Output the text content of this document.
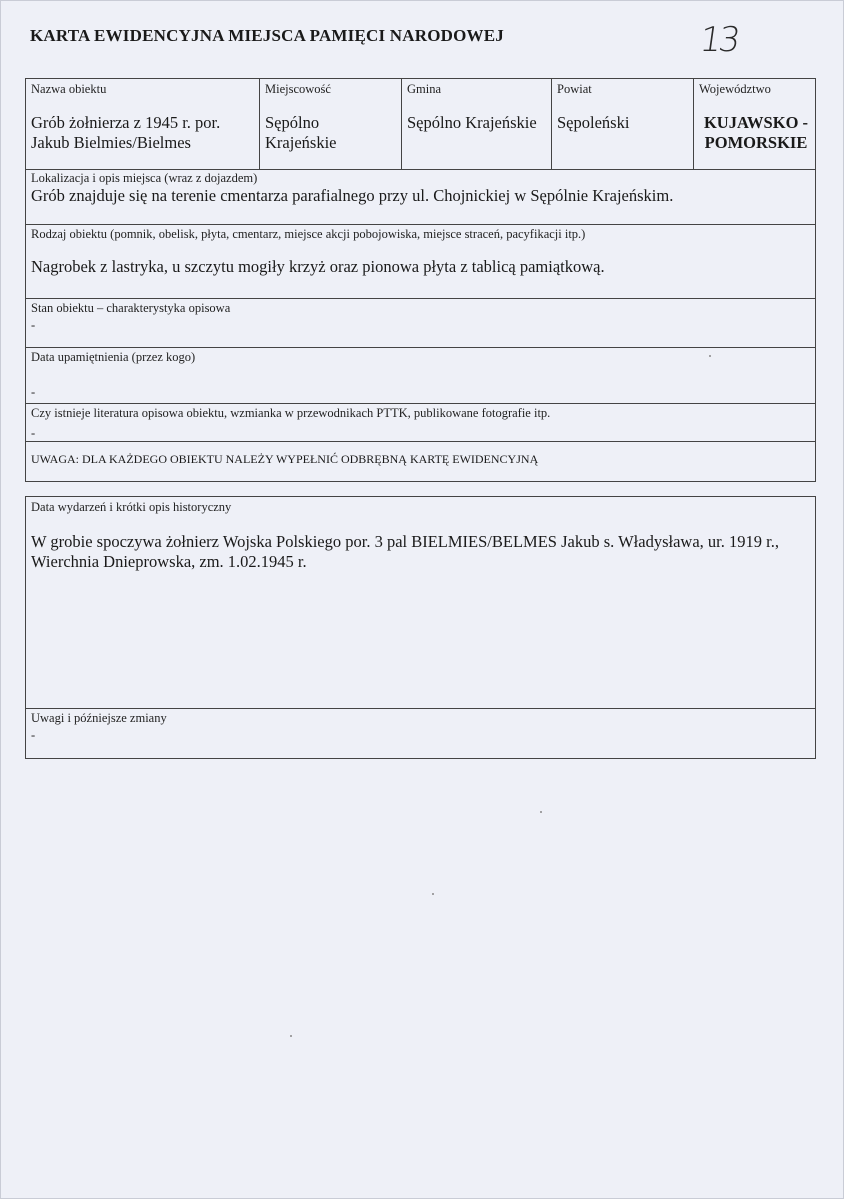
KARTA EWIDENCYJNA MIEJSCA PAMIĘCI NARODOWEJ	13
Nazwa obiektu
Grób żołnierza z 1945 r. por. Jakub Bielmies/Bielmes
Miejscowość
Sępólno Krajeńskie
Gmina
Sępólno Krajeńskie
Powiat
Sępoleński
Województwo
KUJAWSKO - POMORSKIE
Lokalizacja i opis miejsca (wraz z dojazdem)
Grób znajduje się na terenie cmentarza parafialnego przy ul. Chojnickiej w Sępólnie Krajeńskim.
Rodzaj obiektu (pomnik, obelisk, płyta, cmentarz, miejsce akcji pobojowiska, miejsce straceń, pacyfikacji itp.)
Nagrobek z lastryka, u szczytu mogiły krzyż oraz pionowa płyta z tablicą pamiątkową.
Stan obiektu – charakterystyka opisowa
-
Data upamiętnienia (przez kogo)
-
Czy istnieje literatura opisowa obiektu, wzmianka w przewodnikach PTTK, publikowane fotografie itp.
-
UWAGA: DLA KAŻDEGO OBIEKTU NALEŻY WYPEŁNIĆ ODBRĘBNĄ KARTĘ EWIDENCYJNĄ
Data wydarzeń i krótki opis historyczny
W grobie spoczywa żołnierz Wojska Polskiego por. 3 pal BIELMIES/BELMES Jakub s. Władysława, ur. 1919 r., Wierchnia Dnieprowska, zm. 1.02.1945 r.
Uwagi i późniejsze zmiany
-
